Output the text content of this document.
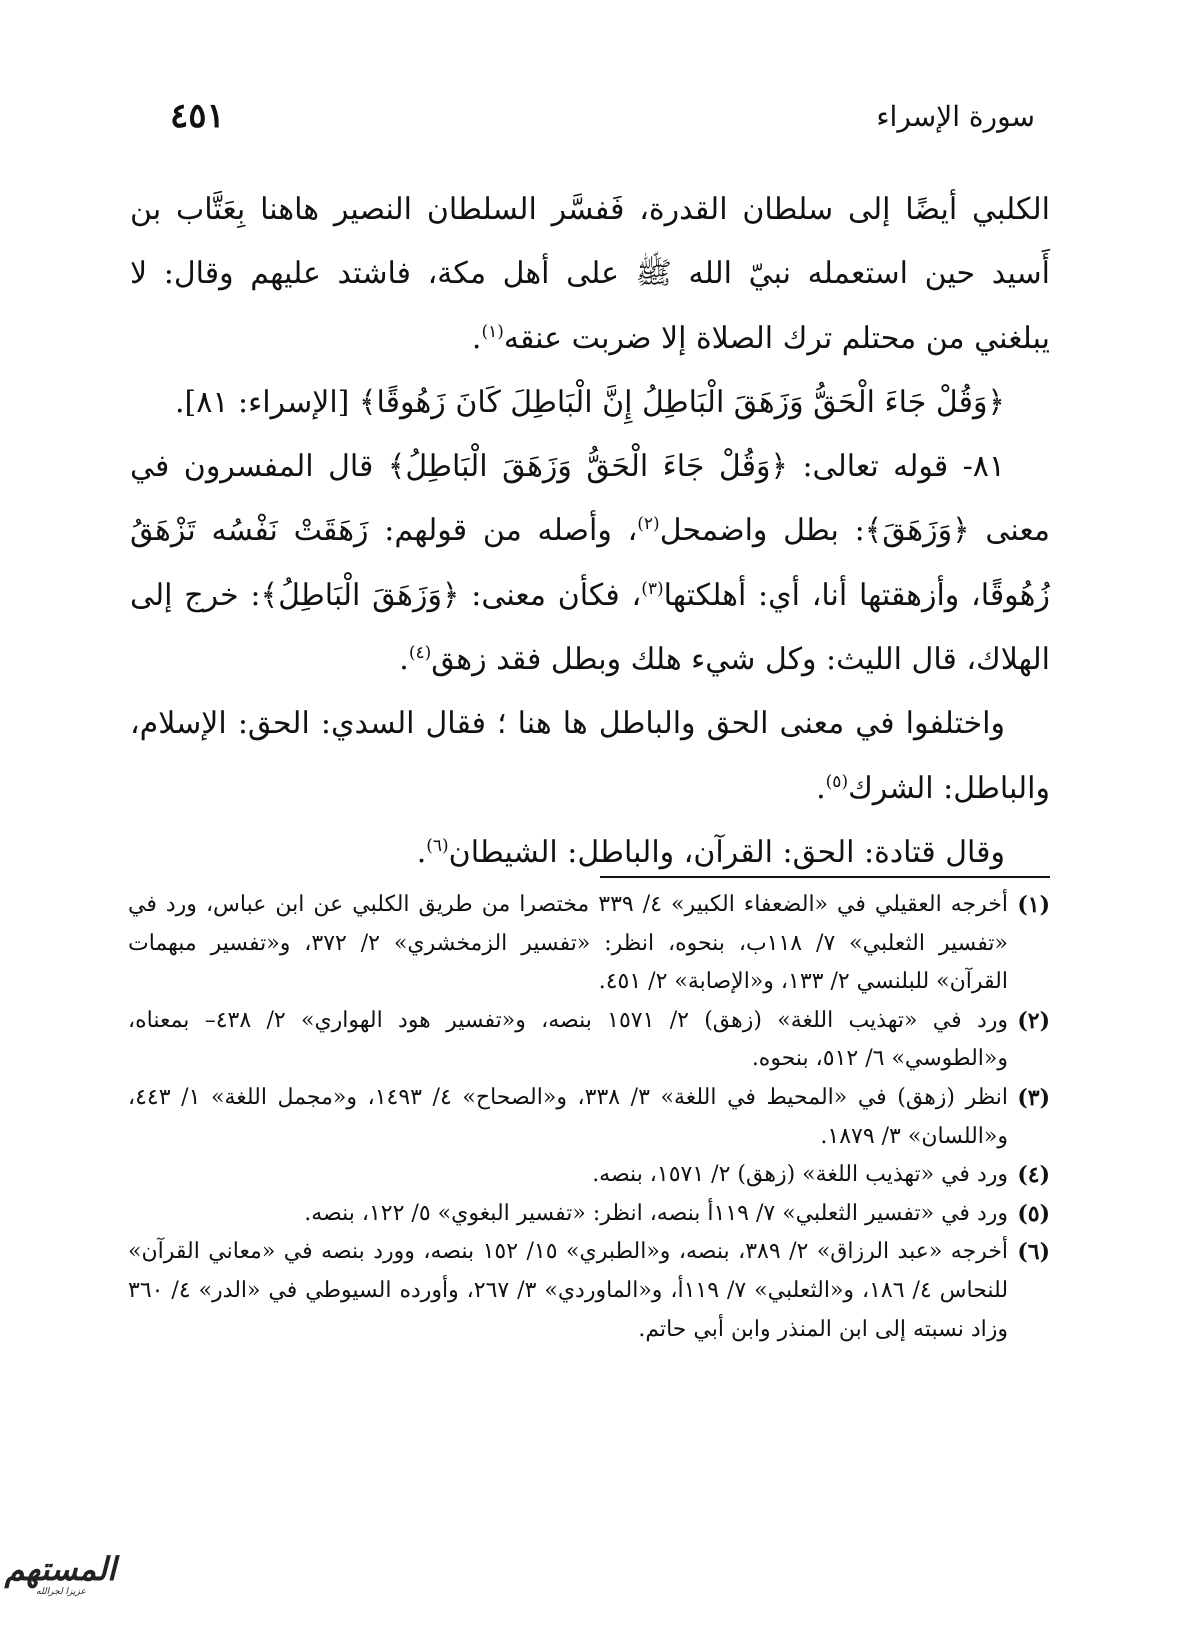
سورة الإسراء
٤٥١

الكلبي أيضًا إلى سلطان القدرة، فَفسَّر السلطان النصير هاهنا بِعَتَّاب بن أَسيد حين استعمله نبيّ الله ﷺ على أهل مكة، فاشتد عليهم وقال: لا يبلغني من محتلم ترك الصلاة إلا ضربت عنقه$^{(١)}$.

﴿وَقُلْ جَاءَ الْحَقُّ وَزَهَقَ الْبَاطِلُ إِنَّ الْبَاطِلَ كَانَ زَهُوقًا﴾ [الإسراء: ٨١].

٨١- قوله تعالى: ﴿وَقُلْ جَاءَ الْحَقُّ وَزَهَقَ الْبَاطِلُ﴾ قال المفسرون في معنى ﴿وَزَهَقَ﴾: بطل واضمحل$^{(٢)}$، وأصله من قولهم: زَهَقَتْ نَفْسُه تَزْهَقُ زُهُوقًا، وأزهقتها أنا، أي: أهلكتها$^{(٣)}$، فكأن معنى: ﴿وَزَهَقَ الْبَاطِلُ﴾: خرج إلى الهلاك، قال الليث: وكل شيء هلك وبطل فقد زهق$^{(٤)}$.

واختلفوا في معنى الحق والباطل ها هنا ؛ فقال السدي: الحق: الإسلام، والباطل: الشرك$^{(٥)}$.

وقال قتادة: الحق: القرآن، والباطل: الشيطان$^{(٦)}$.

(١)
أخرجه العقيلي في «الضعفاء الكبير» ٤/ ٣٣٩ مختصرا من طريق الكلبي عن ابن عباس، ورد في «تفسير الثعلبي» ٧/ ١١٨ب، بنحوه، انظر: «تفسير الزمخشري» ٢/ ٣٧٢، و«تفسير مبهمات القرآن» للبلنسي ٢/ ١٣٣، و«الإصابة» ٢/ ٤٥١.
(٢)
ورد في «تهذيب اللغة» (زهق) ٢/ ١٥٧١ بنصه، و«تفسير هود الهواري» ٢/ ٤٣٨– بمعناه، و«الطوسي» ٦/ ٥١٢، بنحوه.
(٣)
انظر (زهق) في «المحيط في اللغة» ٣/ ٣٣٨، و«الصحاح» ٤/ ١٤٩٣، و«مجمل اللغة» ١/ ٤٤٣، و«اللسان» ٣/ ١٨٧٩.
(٤)
ورد في «تهذيب اللغة» (زهق) ٢/ ١٥٧١، بنصه.
(٥)
ورد في «تفسير الثعلبي» ٧/ ١١٩أ بنصه، انظر: «تفسير البغوي» ٥/ ١٢٢، بنصه.
(٦)
أخرجه «عبد الرزاق» ٢/ ٣٨٩، بنصه، و«الطبري» ١٥/ ١٥٢ بنصه، وورد بنصه في «معاني القرآن» للنحاس ٤/ ١٨٦، و«الثعلبي» ٧/ ١١٩أ، و«الماوردي» ٣/ ٢٦٧، وأورده السيوطي في «الدر» ٤/ ٣٦٠ وزاد نسبته إلى ابن المنذر وابن أبي حاتم.
المستهم
عزيزا لجرالله
